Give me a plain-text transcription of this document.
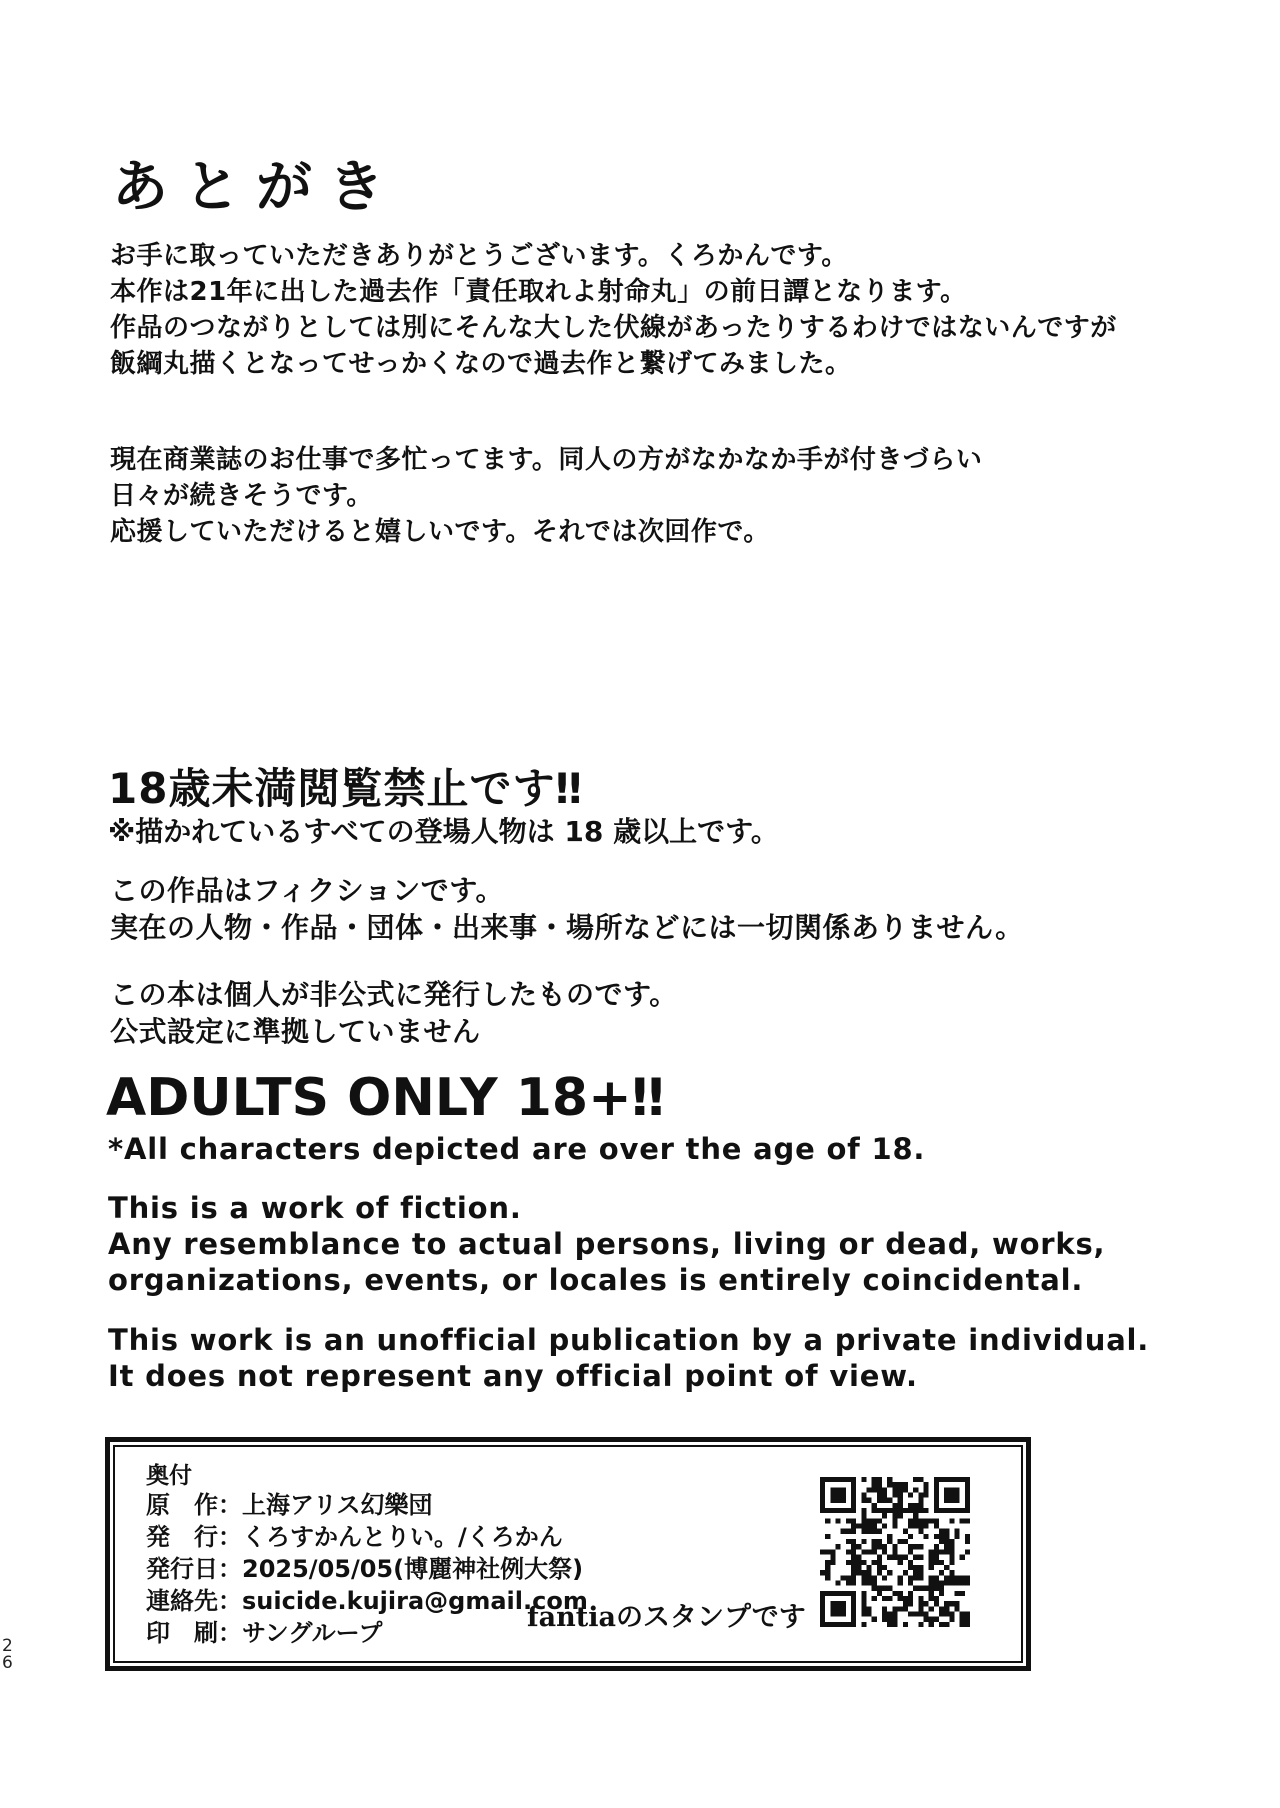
あとがき
お手に取っていただきありがとうございます。くろかんです。
本作は21年に出した過去作「責任取れよ射命丸」の前日譚となります。
作品のつながりとしては別にそんな大した伏線があったりするわけではないんですが
飯綱丸描くとなってせっかくなので過去作と繋げてみました。
現在商業誌のお仕事で多忙ってます。同人の方がなかなか手が付きづらい
日々が続きそうです。
応援していただけると嬉しいです。それでは次回作で。
18歳未満閲覧禁止です‼
※描かれているすべての登場人物は 18 歳以上です。
この作品はフィクションです。
実在の人物・作品・団体・出来事・場所などには一切関係ありません。
この本は個人が非公式に発行したものです。
公式設定に準拠していません
ADULTS ONLY 18+‼
*All characters depicted are over the age of 18.
This is a work of fiction.
Any resemblance to actual persons, living or dead, works,
organizations, events, or locales is entirely coincidental.
This work is an unofficial publication by a private individual.
It does not represent any official point of view.
奥付
原　作：上海アリス幻樂団
発　行：くろすかんとりい。/くろかん
発行日：2025/05/05(博麗神社例大祭)
連絡先：suicide.kujira@gmail.com
印　刷：サングループ	fantiaのスタンプです
26
